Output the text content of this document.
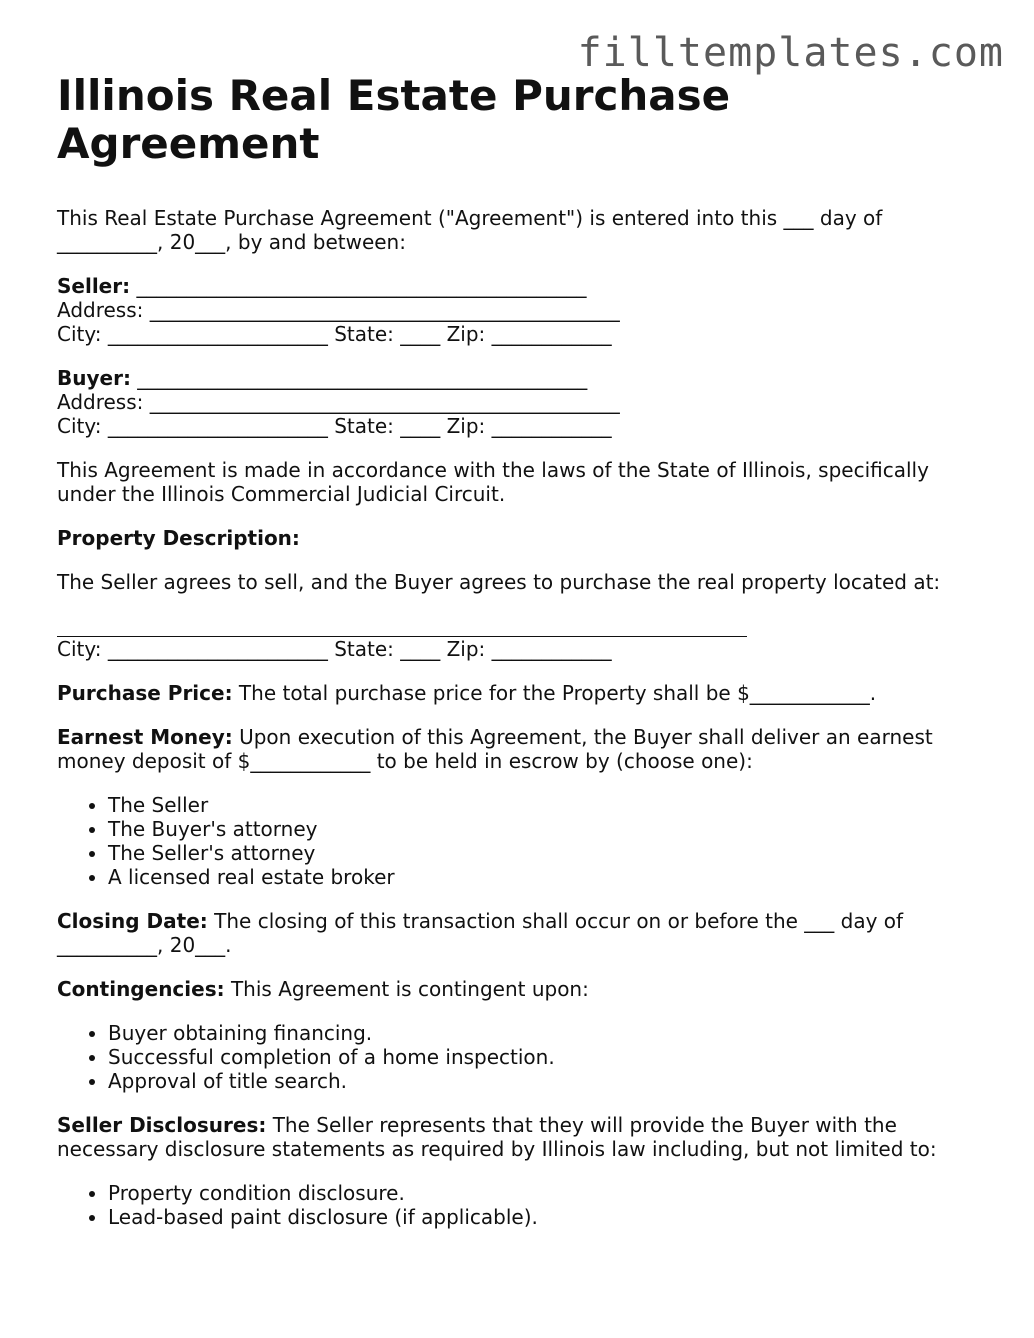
filltemplates.com
Illinois Real Estate Purchase Agreement
This Real Estate Purchase Agreement ("Agreement") is entered into this ___ day of
__________, 20___, by and between:
Seller: _____________________________________________
Address: _______________________________________________
City: ______________________ State: ____ Zip: ____________
Buyer: _____________________________________________
Address: _______________________________________________
City: ______________________ State: ____ Zip: ____________
This Agreement is made in accordance with the laws of the State of Illinois, specifically
under the Illinois Commercial Judicial Circuit.

Property Description:

The Seller agrees to sell, and the Buyer agrees to purchase the real property located at:
City: ______________________ State: ____ Zip: ____________

Purchase Price: The total purchase price for the Property shall be $____________.

Earnest Money: Upon execution of this Agreement, the Buyer shall deliver an earnest
money deposit of $____________ to be held in escrow by (choose one):
• The Seller
• The Buyer's attorney
• The Seller's attorney
• A licensed real estate broker
Closing Date: The closing of this transaction shall occur on or before the ___ day of
__________, 20___.

Contingencies: This Agreement is contingent upon:

• Buyer obtaining financing.
• Successful completion of a home inspection.
• Approval of title search.
Seller Disclosures: The Seller represents that they will provide the Buyer with the
necessary disclosure statements as required by Illinois law including, but not limited to:
• Property condition disclosure.
• Lead-based paint disclosure (if applicable).
